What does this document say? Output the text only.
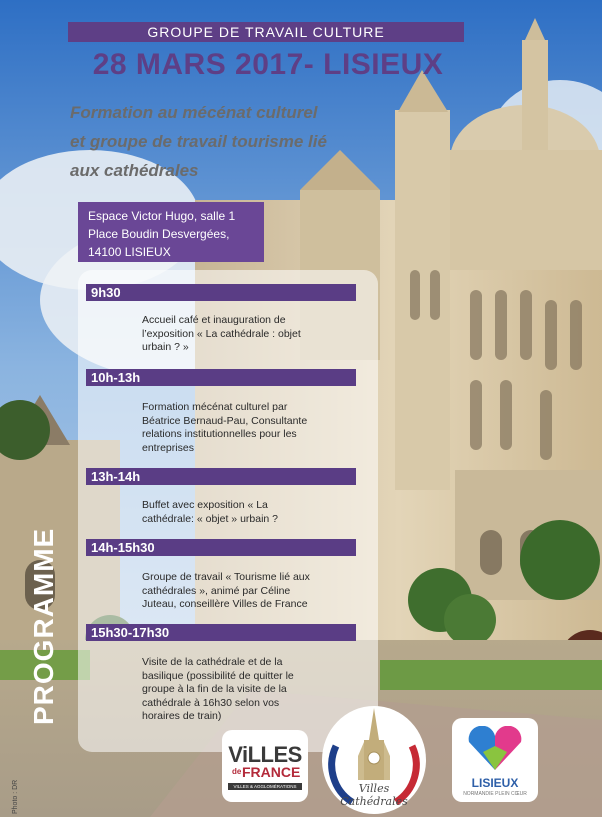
GROUPE DE TRAVAIL CULTURE
28 MARS 2017- LISIEUX
Formation au mécénat culturel
et groupe de travail tourisme lié
aux cathédrales
Espace Victor Hugo, salle 1
Place Boudin Desvergées,
14100 LISIEUX
9h30
Accueil café et inauguration de
l’exposition « La cathédrale : objet
urbain ? »
10h-13h
Formation mécénat culturel par
Béatrice Bernaud-Pau, Consultante
relations institutionnelles pour les
entreprises
13h-14h
Buffet avec exposition « La
cathédrale: « objet » urbain ?
14h-15h30
Groupe de travail « Tourisme lié aux
cathédrales », animé par Céline
Juteau, conseillère Villes de France
15h30-17h30
Visite de la cathédrale et de la
basilique (possibilité de quitter le
groupe à la fin de la visite de la
cathédrale à 16h30 selon vos
horaires de train)
PROGRAMME
Photo : DR
ViLLES
de FRANCE
VILLES & AGGLOMÉRATIONS	Villes
Cathédrales
LISIEUX
NORMANDIE PLEIN CŒUR
